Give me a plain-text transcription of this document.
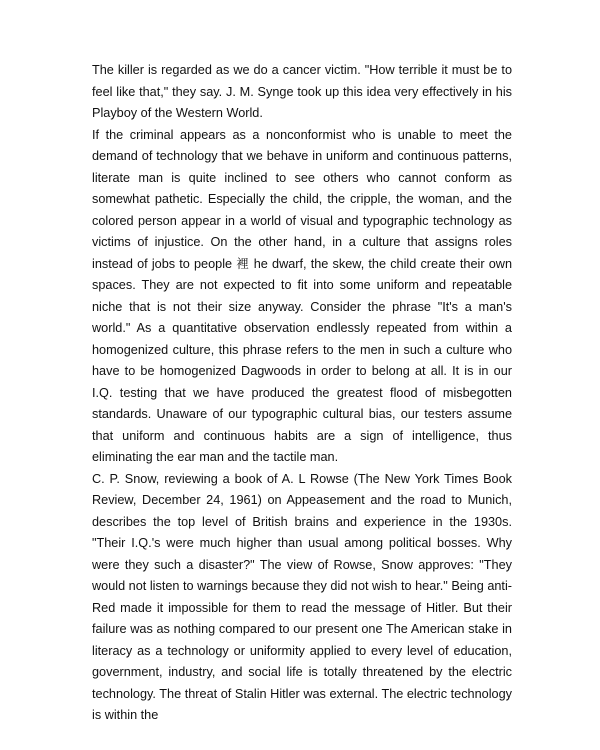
The killer is regarded as we do a cancer victim. "How terrible it must be to feel like that," they say. J. M. Synge took up this idea very effectively in his Playboy of the Western World.

If the criminal appears as a nonconformist who is unable to meet the demand of technology that we behave in uniform and continuous patterns, literate man is quite inclined to see others who cannot conform as somewhat pathetic. Especially the child, the cripple, the woman, and the colored person appear in a world of visual and typographic technology as victims of injustice. On the other hand, in a culture that assigns roles instead of jobs to people 裡 he dwarf, the skew, the child create their own spaces. They are not expected to fit into some uniform and repeatable niche that is not their size anyway. Consider the phrase "It's a man's world." As a quantitative observation endlessly repeated from within a homogenized culture, this phrase refers to the men in such a culture who have to be homogenized Dagwoods in order to belong at all. It is in our I.Q. testing that we have produced the greatest flood of misbegotten standards. Unaware of our typographic cultural bias, our testers assume that uniform and continuous habits are a sign of intelligence, thus eliminating the ear man and the tactile man.

C. P. Snow, reviewing a book of A. L Rowse (The New York Times Book Review, December 24, 1961) on Appeasement and the road to Munich, describes the top level of British brains and experience in the 1930s. "Their I.Q.'s were much higher than usual among political bosses. Why were they such a disaster?" The view of Rowse, Snow approves: "They would not listen to warnings because they did not wish to hear." Being anti-Red made it impossible for them to read the message of Hitler. But their failure was as nothing compared to our present one The American stake in literacy as a technology or uniformity applied to every level of education, government, industry, and social life is totally threatened by the electric technology. The threat of Stalin Hitler was external. The electric technology is within the
